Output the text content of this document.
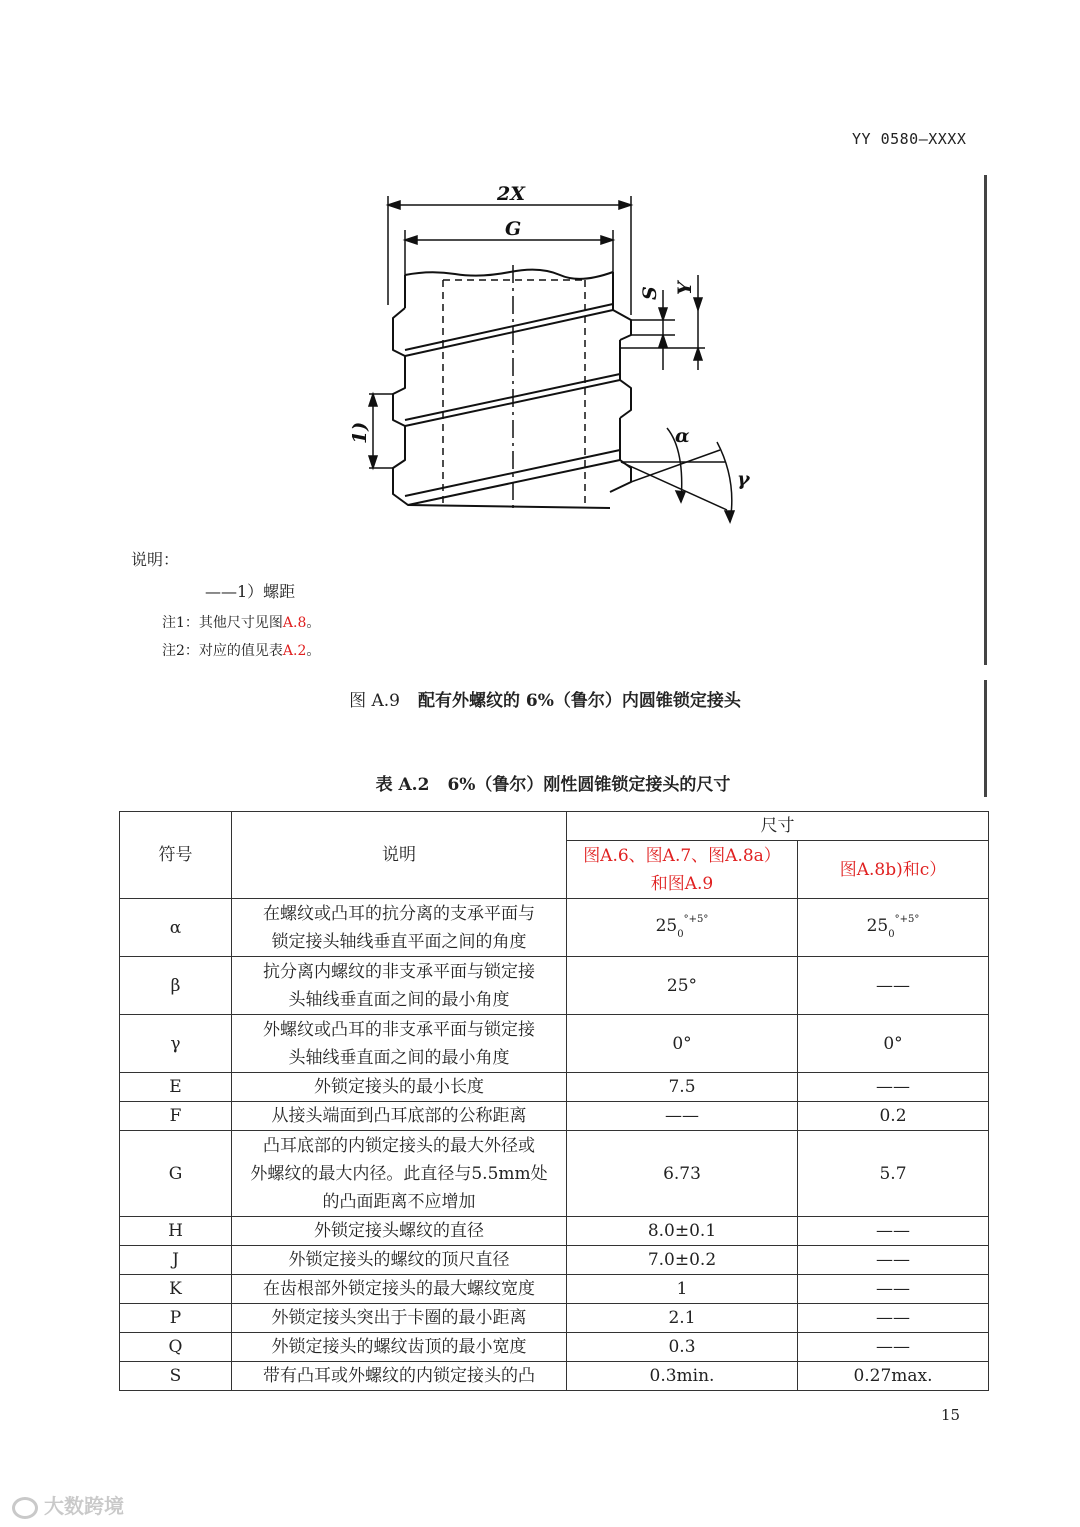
YY 0580—XXXX
2X
G
S Y
1)	α
γ
说明：
——1）螺距
注1：其他尺寸见图A.8。
注2：对应的值见表A.2。
图 A.9 配有外螺纹的 6%（鲁尔）内圆锥锁定接头
表 A.2 6%（鲁尔）刚性圆锥锁定接头的尺寸
符号	说明	尺寸	

		图A.6、图A.7、图A.8a）
和图A.9	图A.8b)和c）
α	在螺纹或凸耳的抗分离的支承平面与
锁定接头轴线垂直平面之间的角度	$25_0^{^\circ+5^\circ}$	$25_0^{^\circ+5^\circ}$
β	抗分离内螺纹的非支承平面与锁定接
头轴线垂直面之间的最小角度	25°	——
γ	外螺纹或凸耳的非支承平面与锁定接
头轴线垂直面之间的最小角度	0°	0°
E	外锁定接头的最小长度	7.5	——
F	从接头端面到凸耳底部的公称距离	——	0.2
G	凸耳底部的内锁定接头的最大外径或
外螺纹的最大内径。此直径与5.5mm处
的凸面距离不应增加	6.73	5.7
H	外锁定接头螺纹的直径	8.0±0.1	——
J	外锁定接头的螺纹的顶尺直径	7.0±0.2	——
K	在齿根部外锁定接头的最大螺纹宽度	1	——
P	外锁定接头突出于卡圈的最小距离	2.1	——
Q	外锁定接头的螺纹齿顶的最小宽度	0.3	——
S	带有凸耳或外螺纹的内锁定接头的凸	0.3min.	0.27max.
15
大数跨境
